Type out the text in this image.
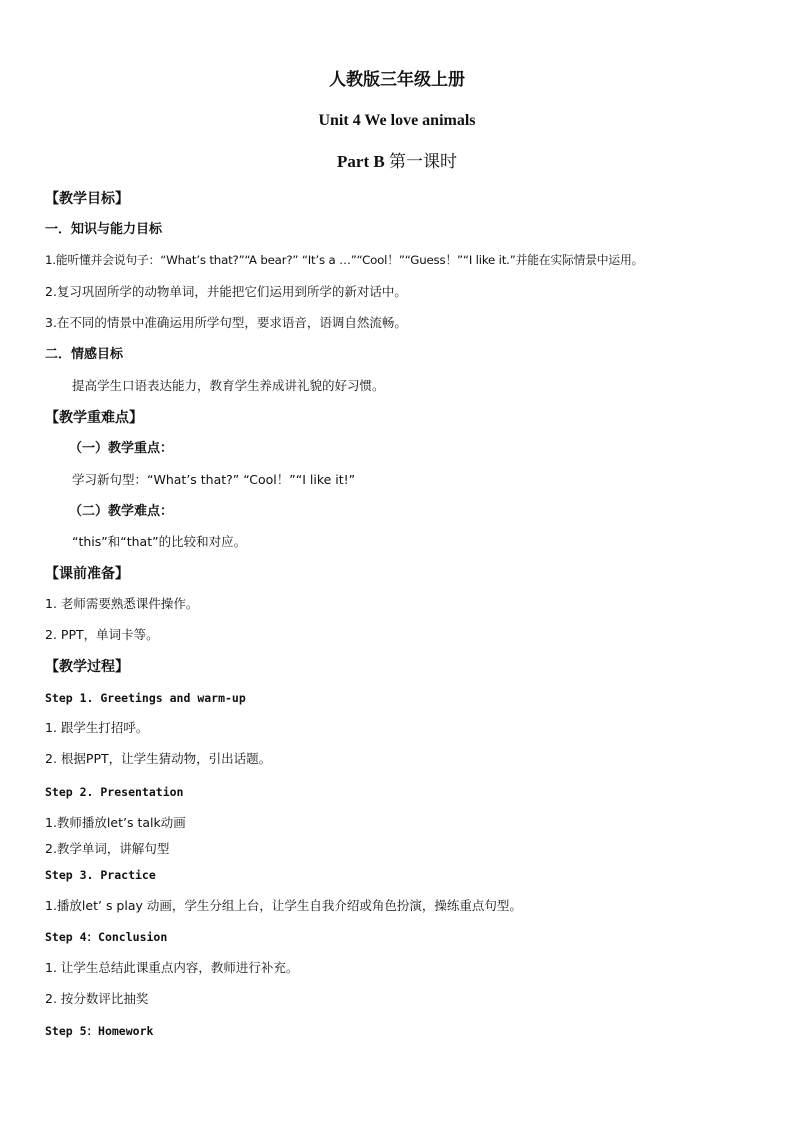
人教版三年级上册
Unit 4 We love animals
Part B 第一课时
【教学目标】
一．知识与能力目标
1.能听懂并会说句子：“What’s that?”“A bear?” “It’s a …”“Cool！”“Guess！”“I like it.”并能在实际情景中运用。
2.复习巩固所学的动物单词，并能把它们运用到所学的新对话中。
3.在不同的情景中准确运用所学句型，要求语音，语调自然流畅。
二．情感目标
提高学生口语表达能力，教育学生养成讲礼貌的好习惯。
【教学重难点】
（一）教学重点：
学习新句型：“What’s that?” “Cool！”“I like it!”
（二）教学难点：
“this”和“that”的比较和对应。
【课前准备】
1. 老师需要熟悉课件操作。
2. PPT，单词卡等。
【教学过程】
Step 1. Greetings and warm-up
1. 跟学生打招呼。
2. 根据PPT，让学生猜动物，引出话题。
Step 2. Presentation
1.教师播放let’s talk动画
2.教学单词，讲解句型
Step 3. Practice
1.播放let’ s play 动画，学生分组上台，让学生自我介绍或角色扮演，操练重点句型。
Step 4：Conclusion
1. 让学生总结此课重点内容，教师进行补充。
2. 按分数评比抽奖
Step 5：Homework
